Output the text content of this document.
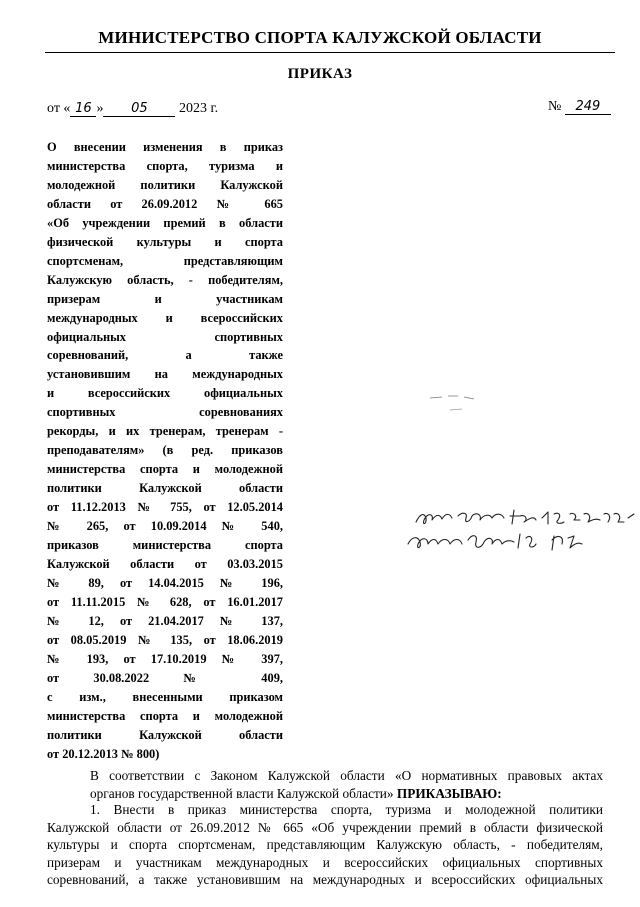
МИНИСТЕРСТВО СПОРТА КАЛУЖСКОЙ ОБЛАСТИ
ПРИКАЗ
от « 16 » 05 2023 г.	№ 249
О внесении изменения в приказ
министерства спорта, туризма и
молодежной политики Калужской
области от 26.09.2012 № 665
«Об учреждении премий в области
физической культуры и спорта
спортсменам, представляющим
Калужскую область, - победителям,
призерам и участникам
международных и всероссийских
официальных спортивных
соревнований, а также
установившим на международных
и всероссийских официальных
спортивных соревнованиях
рекорды, и их тренерам, тренерам -
преподавателям» (в ред. приказов
министерства спорта и молодежной
политики Калужской области
от 11.12.2013 № 755, от 12.05.2014
№ 265, от 10.09.2014 № 540,
приказов министерства спорта
Калужской области от 03.03.2015
№ 89, от 14.04.2015 № 196,
от 11.11.2015 № 628, от 16.01.2017
№ 12, от 21.04.2017 № 137,
от 08.05.2019 № 135, от 18.06.2019
№ 193, от 17.10.2019 № 397,
от 30.08.2022 № 409,
с изм., внесенными приказом
министерства спорта и молодежной
политики Калужской области
от 20.12.2013 № 800)
В соответствии с Законом Калужской области «О нормативных правовых актах
органов государственной власти Калужской области» ПРИКАЗЫВАЮ:
1. Внести в приказ министерства спорта, туризма и молодежной политики
Калужской области от 26.09.2012 № 665 «Об учреждении премий в области физической
культуры и спорта спортсменам, представляющим Калужскую область, - победителям,
призерам и участникам международных и всероссийских официальных спортивных
соревнований, а также установившим на международных и всероссийских официальных
